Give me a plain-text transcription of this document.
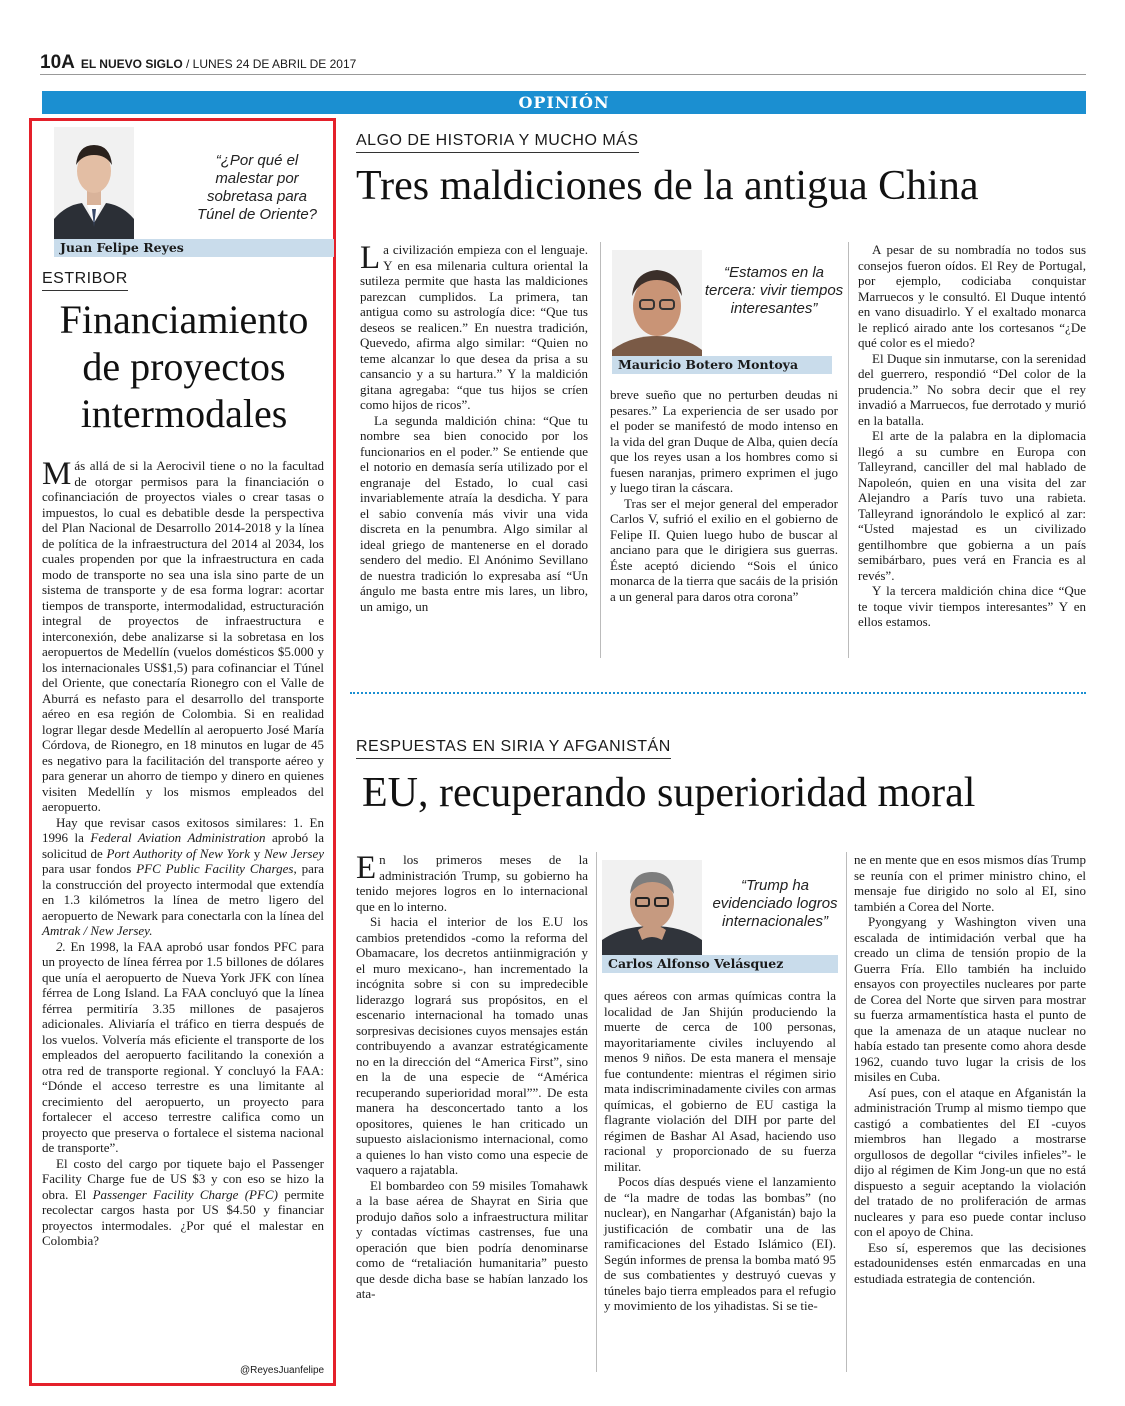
10A EL NUEVO SIGLO / LUNES 24 DE ABRIL DE 2017
OPINIÓN
“¿Por qué el malestar por sobretasa para Túnel de Oriente?
Juan Felipe Reyes
ESTRIBOR
Financiamiento
de proyectos
intermodales

Más allá de si la Aerocivil tiene o no la facultad de otorgar permisos para la financiación o cofinanciación de proyectos viales o crear tasas o impuestos, lo cual es debatible desde la perspectiva del Plan Nacional de Desarrollo 2014-2018 y la línea de política de la infraestructura del 2014 al 2034, los cuales propenden por que la infraestructura en cada modo de transporte no sea una isla sino parte de un sistema de transporte y de esa forma lograr: acortar tiempos de transporte, intermodalidad, estructuración integral de proyectos de infraestructura e interconexión, debe analizarse si la sobretasa en los aeropuertos de Medellín (vuelos domésticos $5.000 y los internacionales US$1,5) para cofinanciar el Túnel del Oriente, que conectaría Rionegro con el Valle de Aburrá es nefasto para el desarrollo del transporte aéreo en esa región de Colombia. Si en realidad lograr llegar desde Medellín al aeropuerto José María Córdova, de Rionegro, en 18 minutos en lugar de 45 es negativo para la facilitación del transporte aéreo y para generar un ahorro de tiempo y dinero en quienes visiten Medellín y los mismos empleados del aeropuerto.

Hay que revisar casos exitosos similares: 1. En 1996 la Federal Aviation Administration aprobó la solicitud de Port Authority of New York y New Jersey para usar fondos PFC Public Facility Charges, para la construcción del proyecto intermodal que extendía en 1.3 kilómetros la línea de metro ligero del aeropuerto de Newark para conectarla con la línea del Amtrak / New Jersey.

2. En 1998, la FAA aprobó usar fondos PFC para un proyecto de línea férrea por 1.5 billones de dólares que unía el aeropuerto de Nueva York JFK con línea férrea de Long Island. La FAA concluyó que la línea férrea permitiría 3.35 millones de pasajeros adicionales. Aliviaría el tráfico en tierra después de los vuelos. Volvería más eficiente el transporte de los empleados del aeropuerto facilitando la conexión a otra red de transporte regional. Y concluyó la FAA: “Dónde el acceso terrestre es una limitante al crecimiento del aeropuerto, un proyecto para fortalecer el acceso terrestre califica como un proyecto que preserva o fortalece el sistema nacional de transporte”.

El costo del cargo por tiquete bajo el Passenger Facility Charge fue de US $3 y con eso se hizo la obra. El Passenger Facility Charge (PFC) permite recolectar cargos hasta por US $4.50 y financiar proyectos intermodales. ¿Por qué el malestar en Colombia?

@ReyesJuanfelipe
ALGO DE HISTORIA Y MUCHO MÁS
Tres maldiciones de la antigua China

La civilización empieza con el lenguaje. Y en esa milenaria cultura oriental la sutileza permite que hasta las maldiciones parezcan cumplidos. La primera, tan antigua como su astrología dice: “Que tus deseos se realicen.” En nuestra tradición, Quevedo, afirma algo similar: “Quien no teme alcanzar lo que desea da prisa a su cansancio y a su hartura.” Y la maldición gitana agregaba: “que tus hijos se críen como hijos de ricos”.

La segunda maldición china: “Que tu nombre sea bien conocido por los funcionarios en el poder.” Se entiende que el notorio en demasía sería utilizado por el engranaje del Estado, lo cual casi invariablemente atraía la desdicha. Y para el sabio convenía más vivir una vida discreta en la penumbra. Algo similar al ideal griego de mantenerse en el dorado sendero del medio. El Anónimo Sevillano de nuestra tradición lo expresaba así “Un ángulo me basta entre mis lares, un libro, un amigo, un

“Estamos en la tercera: vivir tiempos interesantes”
Mauricio Botero Montoya

breve sueño que no perturben deudas ni pesares.” La experiencia de ser usado por el poder se manifestó de modo intenso en la vida del gran Duque de Alba, quien decía que los reyes usan a los hombres como si fuesen naranjas, primero exprimen el jugo y luego tiran la cáscara.

Tras ser el mejor general del emperador Carlos V, sufrió el exilio en el gobierno de Felipe II. Quien luego hubo de buscar al anciano para que le dirigiera sus guerras. Éste aceptó diciendo “Sois el único monarca de la tierra que sacáis de la prisión a un general para daros otra corona”

A pesar de su nombradía no todos sus consejos fueron oídos. El Rey de Portugal, por ejemplo, codiciaba conquistar Marruecos y le consultó. El Duque intentó en vano disuadirlo. Y el exaltado monarca le replicó airado ante los cortesanos “¿De qué color es el miedo?

El Duque sin inmutarse, con la serenidad del guerrero, respondió “Del color de la prudencia.” No sobra decir que el rey invadió a Marruecos, fue derrotado y murió en la batalla.

El arte de la palabra en la diplomacia llegó a su cumbre en Europa con Talleyrand, canciller del mal hablado de Napoleón, quien en una visita del zar Alejandro a París tuvo una rabieta. Talleyrand ignorándolo le explicó al zar: “Usted majestad es un civilizado gentilhombre que gobierna a un país semibárbaro, pues verá en Francia es al revés”.

Y la tercera maldición china dice “Que te toque vivir tiempos interesantes” Y en ellos estamos.

RESPUESTAS EN SIRIA Y AFGANISTÁN
EU, recuperando superioridad moral

En los primeros meses de la administración Trump, su gobierno ha tenido mejores logros en lo internacional que en lo interno.

Si hacia el interior de los E.U los cambios pretendidos -como la reforma del Obamacare, los decretos antiinmigración y el muro mexicano-, han incrementado la incógnita sobre si con su impredecible liderazgo logrará sus propósitos, en el escenario internacional ha tomado unas sorpresivas decisiones cuyos mensajes están contribuyendo a avanzar estratégicamente no en la dirección del “America First”, sino en la de una especie de “América recuperando superioridad moral””. De esta manera ha desconcertado tanto a los opositores, quienes le han criticado un supuesto aislacionismo internacional, como a quienes lo han visto como una especie de vaquero a rajatabla.

El bombardeo con 59 misiles Tomahawk a la base aérea de Shayrat en Siria que produjo daños solo a infraestructura militar y contadas víctimas castrenses, fue una operación que bien podría denominarse como de “retaliación humanitaria” puesto que desde dicha base se habían lanzado los ata-

“Trump ha evidenciado logros internacionales”
Carlos Alfonso Velásquez

ques aéreos con armas químicas contra la localidad de Jan Shijún produciendo la muerte de cerca de 100 personas, mayoritariamente civiles incluyendo al menos 9 niños. De esta manera el mensaje fue contundente: mientras el régimen sirio mata indiscriminadamente civiles con armas químicas, el gobierno de EU castiga la flagrante violación del DIH por parte del régimen de Bashar Al Asad, haciendo uso racional y proporcionado de su fuerza militar.

Pocos días después viene el lanzamiento de “la madre de todas las bombas” (no nuclear), en Nangarhar (Afganistán) bajo la justificación de combatir una de las ramificaciones del Estado Islámico (EI). Según informes de prensa la bomba mató 95 de sus combatientes y destruyó cuevas y túneles bajo tierra empleados para el refugio y movimiento de los yihadistas. Si se tie-

ne en mente que en esos mismos días Trump se reunía con el primer ministro chino, el mensaje fue dirigido no solo al EI, sino también a Corea del Norte.

Pyongyang y Washington viven una escalada de intimidación verbal que ha creado un clima de tensión propio de la Guerra Fría. Ello también ha incluido ensayos con proyectiles nucleares por parte de Corea del Norte que sirven para mostrar su fuerza armamentística hasta el punto de que la amenaza de un ataque nuclear no había estado tan presente como ahora desde 1962, cuando tuvo lugar la crisis de los misiles en Cuba.

Así pues, con el ataque en Afganistán la administración Trump al mismo tiempo que castigó a combatientes del EI -cuyos miembros han llegado a mostrarse orgullosos de degollar “civiles infieles”- le dijo al régimen de Kim Jong-un que no está dispuesto a seguir aceptando la violación del tratado de no proliferación de armas nucleares y para eso puede contar incluso con el apoyo de China.

Eso sí, esperemos que las decisiones estadounidenses estén enmarcadas en una estudiada estrategia de contención.
